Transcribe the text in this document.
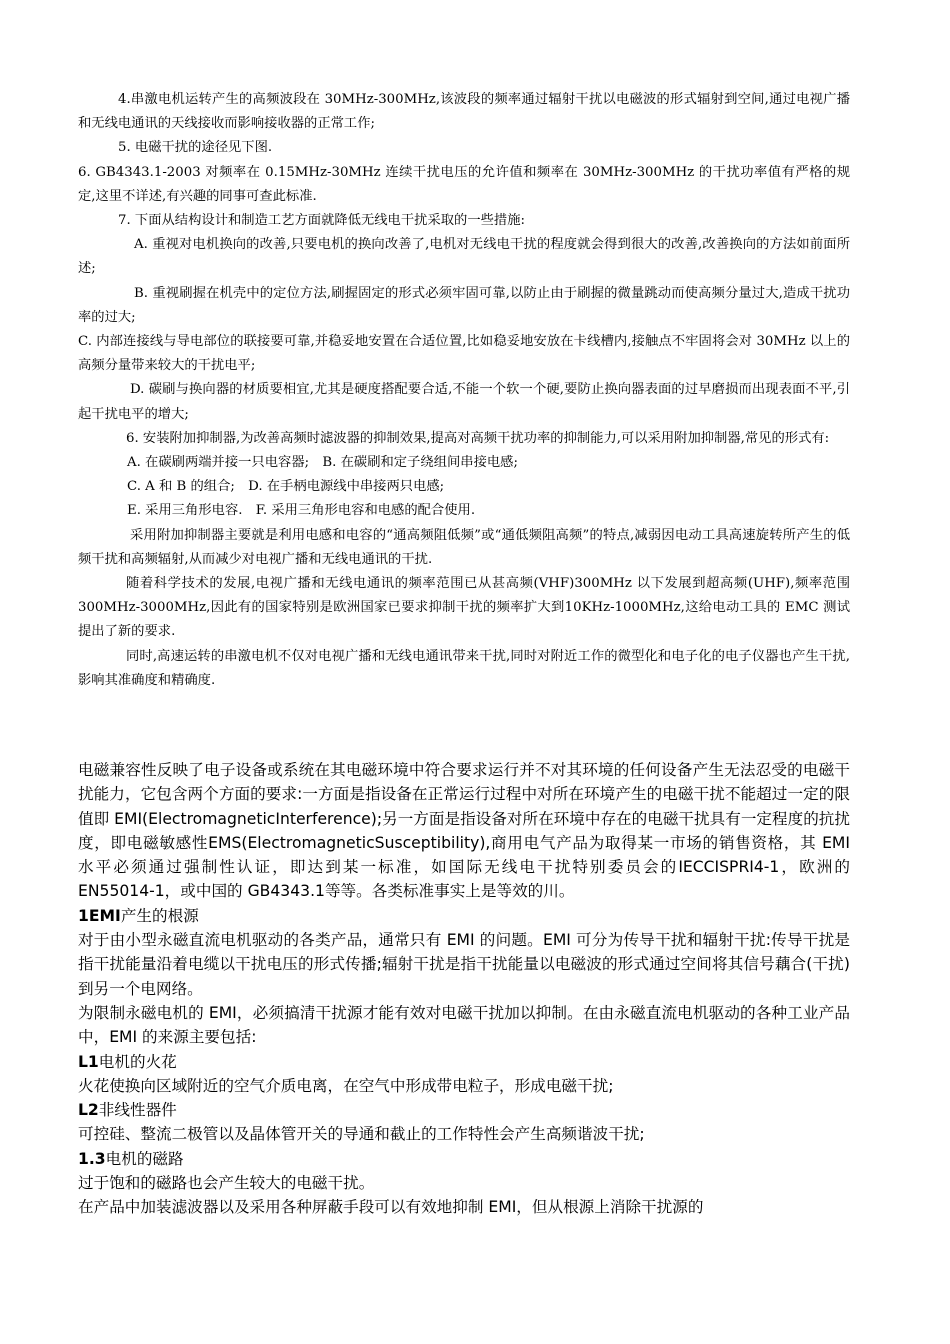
4.串激电机运转产生的高频波段在 30MHz-300MHz,该波段的频率通过辐射干扰以电磁波的形式辐射到空间,通过电视广播和无线电通讯的天线接收而影响接收器的正常工作;

5. 电磁干扰的途径见下图.

6. GB4343.1-2003 对频率在 0.15MHz-30MHz 连续干扰电压的允许值和频率在 30MHz-300MHz 的干扰功率值有严格的规定,这里不详述,有兴趣的同事可查此标准.

7. 下面从结构设计和制造工艺方面就降低无线电干扰采取的一些措施:

A. 重视对电机换向的改善,只要电机的换向改善了,电机对无线电干扰的程度就会得到很大的改善,改善换向的方法如前面所述;

B. 重视刷握在机壳中的定位方法,刷握固定的形式必须牢固可靠,以防止由于刷握的微量跳动而使高频分量过大,造成干扰功率的过大;

C. 内部连接线与导电部位的联接要可靠,并稳妥地安置在合适位置,比如稳妥地安放在卡线槽内,接触点不牢固将会对 30MHz 以上的高频分量带来较大的干扰电平;

D. 碳刷与换向器的材质要相宜,尤其是硬度搭配要合适,不能一个软一个硬,要防止换向器表面的过早磨损而出现表面不平,引起干扰电平的增大;

6. 安装附加抑制器,为改善高频时滤波器的抑制效果,提高对高频干扰功率的抑制能力,可以采用附加抑制器,常见的形式有:

A. 在碳刷两端并接一只电容器;　B. 在碳刷和定子绕组间串接电感;

C. A 和 B 的组合;　D. 在手柄电源线中串接两只电感;

E. 采用三角形电容.　F. 采用三角形电容和电感的配合使用.

采用附加抑制器主要就是利用电感和电容的“通高频阻低频”或“通低频阻高频”的特点,减弱因电动工具高速旋转所产生的低频干扰和高频辐射,从而减少对电视广播和无线电通讯的干扰.

随着科学技术的发展,电视广播和无线电通讯的频率范围已从甚高频(VHF)300MHz 以下发展到超高频(UHF),频率范围 300MHz-3000MHz,因此有的国家特别是欧洲国家已要求抑制干扰的频率扩大到10KHz-1000MHz,这给电动工具的 EMC 测试提出了新的要求.

同时,高速运转的串激电机不仅对电视广播和无线电通讯带来干扰,同时对附近工作的微型化和电子化的电子仪器也产生干扰,影响其准确度和精确度.

电磁兼容性反映了电子设备或系统在其电磁环境中符合要求运行并不对其环境的任何设备产生无法忍受的电磁干扰能力，它包含两个方面的要求:一方面是指设备在正常运行过程中对所在环境产生的电磁干扰不能超过一定的限值即 EMI(ElectromagneticInterference);另一方面是指设备对所在环境中存在的电磁干扰具有一定程度的抗扰度，即电磁敏感性EMS(ElectromagneticSusceptibility),商用电气产品为取得某一市场的销售资格，其 EMI 水平必须通过强制性认证，即达到某一标准，如国际无线电干扰特别委员会的IECCISPRI4-1，欧洲的 EN55014-1，或中国的 GB4343.1等等。各类标准事实上是等效的川。

1EMI产生的根源

对于由小型永磁直流电机驱动的各类产品，通常只有 EMI 的问题。EMI 可分为传导干扰和辐射干扰:传导干扰是指干扰能量沿着电缆以干扰电压的形式传播;辐射干扰是指干扰能量以电磁波的形式通过空间将其信号藕合(干扰)到另一个电网络。

为限制永磁电机的 EMI，必须搞清干扰源才能有效对电磁干扰加以抑制。在由永磁直流电机驱动的各种工业产品中，EMI 的来源主要包括:

L1电机的火花

火花使换向区域附近的空气介质电离，在空气中形成带电粒子，形成电磁干扰;

L2非线性器件

可控硅、整流二极管以及晶体管开关的导通和截止的工作特性会产生高频谐波干扰;

1.3电机的磁路

过于饱和的磁路也会产生较大的电磁干扰。

在产品中加装滤波器以及采用各种屏蔽手段可以有效地抑制 EMI，但从根源上消除干扰源的
